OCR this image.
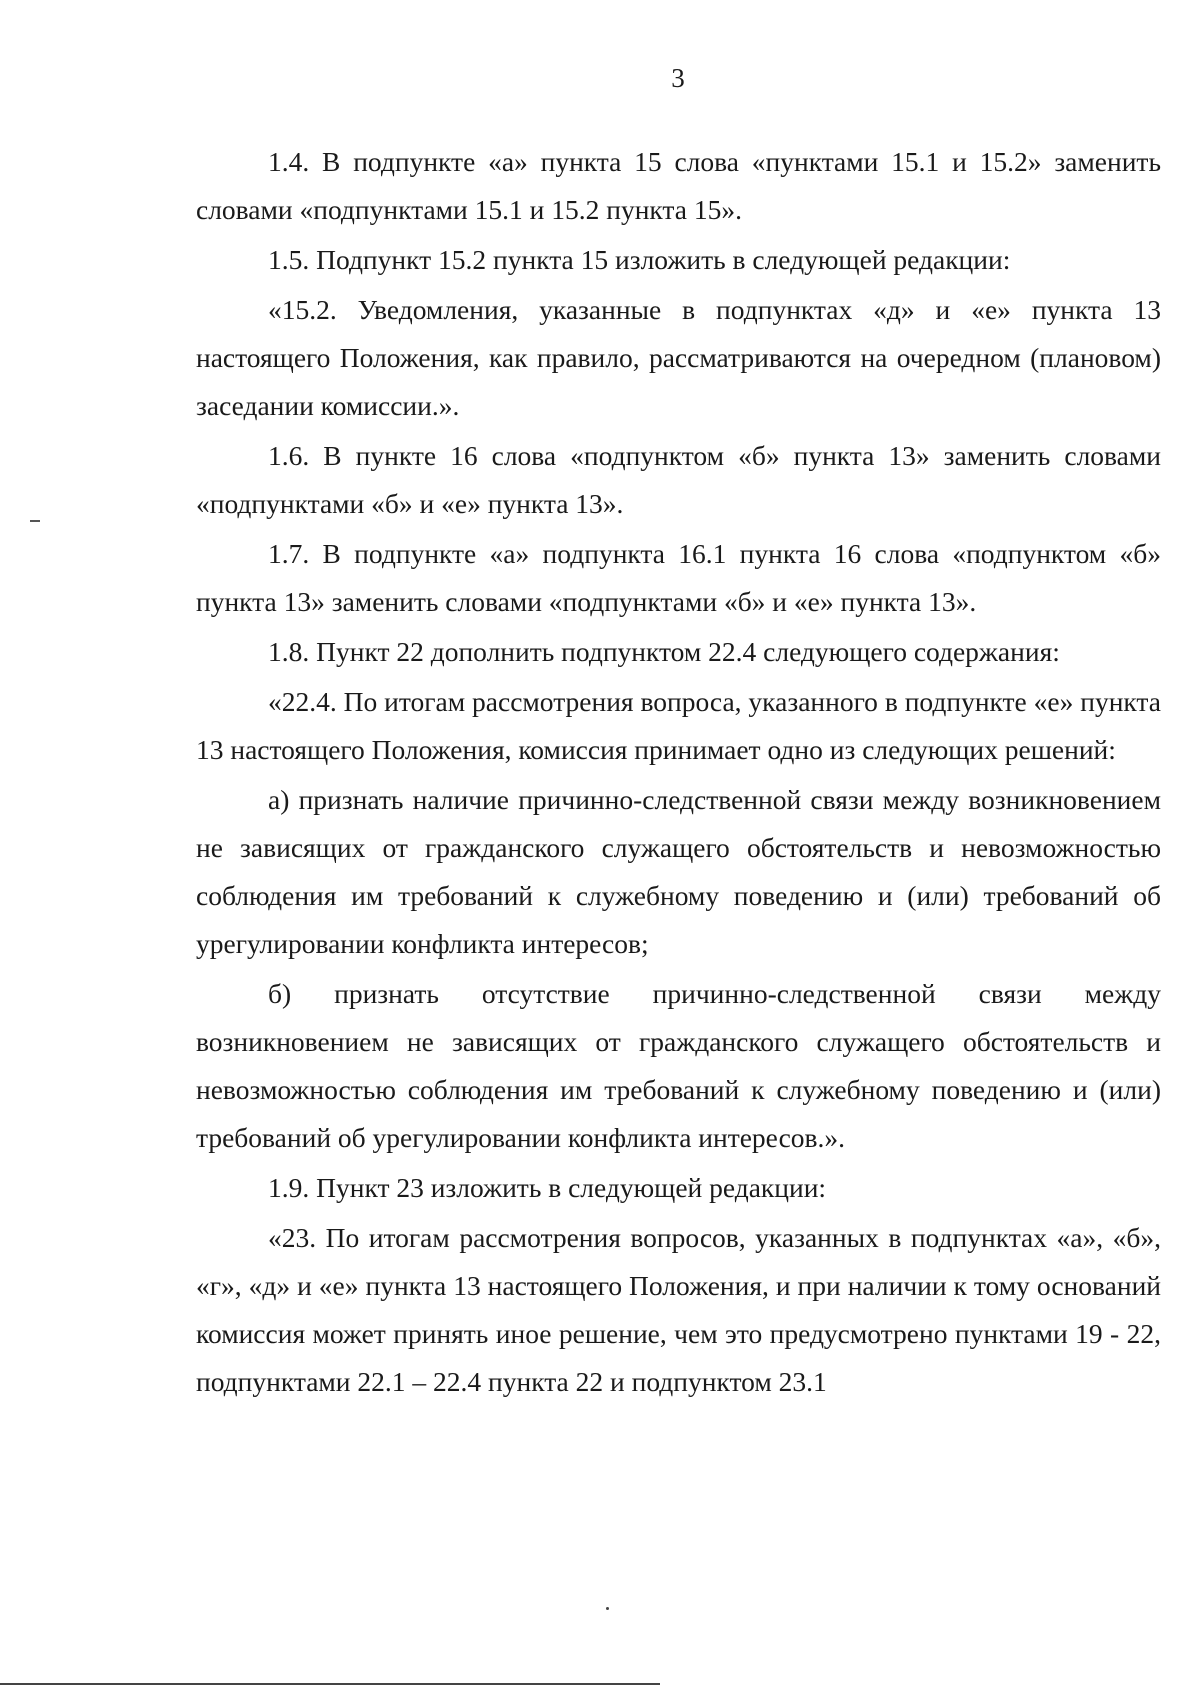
3

1.4. В подпункте «а» пункта 15 слова «пунктами 15.1 и 15.2» заменить словами «подпунктами 15.1 и 15.2 пункта 15».

1.5. Подпункт 15.2 пункта 15 изложить в следующей редакции:

«15.2. Уведомления, указанные в подпунктах «д» и «е» пункта 13 настоящего Положения, как правило, рассматриваются на очередном (плановом) заседании комиссии.».

1.6. В пункте 16 слова «подпунктом «б» пункта 13» заменить словами «подпунктами «б» и «е» пункта 13».

1.7. В подпункте «а» подпункта 16.1 пункта 16 слова «подпунктом «б» пункта 13» заменить словами «подпунктами «б» и «е» пункта 13».

1.8. Пункт 22 дополнить подпунктом 22.4 следующего содержания:

«22.4. По итогам рассмотрения вопроса, указанного в подпункте «е» пункта 13 настоящего Положения, комиссия принимает одно из следующих решений:

а) признать наличие причинно-следственной связи между возникновением не зависящих от гражданского служащего обстоятельств и невозможностью соблюдения им требований к служебному поведению и (или) требований об урегулировании конфликта интересов;

б) признать отсутствие причинно-следственной связи между возникновением не зависящих от гражданского служащего обстоятельств и невозможностью соблюдения им требований к служебному поведению и (или) требований об урегулировании конфликта интересов.».

1.9. Пункт 23 изложить в следующей редакции:

«23. По итогам рассмотрения вопросов, указанных в подпунктах «а», «б», «г», «д» и «е» пункта 13 настоящего Положения, и при наличии к тому оснований комиссия может принять иное решение, чем это предусмотрено пунктами 19 - 22, подпунктами 22.1 – 22.4 пункта 22 и подпунктом 23.1
